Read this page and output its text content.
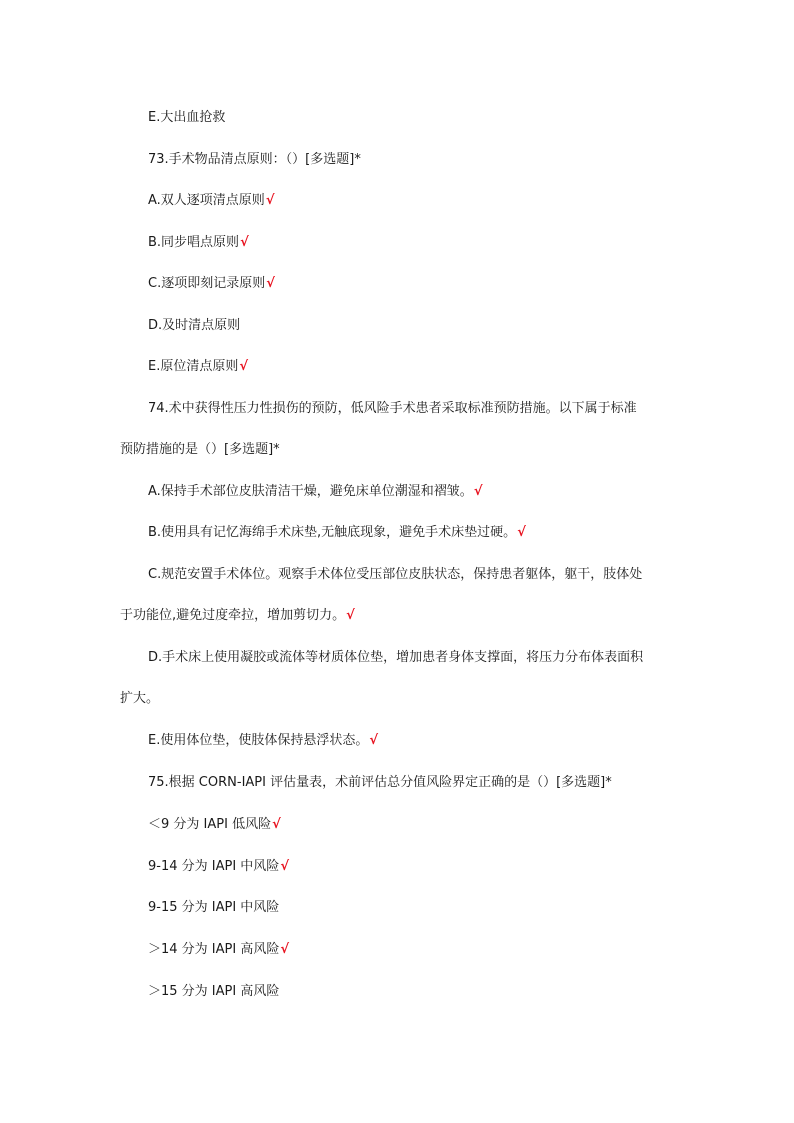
E.大出血抢救
73.手术物品清点原则：（）[多选题]*
A.双人逐项清点原则√
B.同步唱点原则√
C.逐项即刻记录原则√
D.及时清点原则
E.原位清点原则√
74.术中获得性压力性损伤的预防，低风险手术患者采取标准预防措施。以下属于标准
预防措施的是（）[多选题]*
A.保持手术部位皮肤清洁干燥，避免床单位潮湿和褶皱。√
B.使用具有记忆海绵手术床垫,无触底现象，避免手术床垫过硬。√
C.规范安置手术体位。观察手术体位受压部位皮肤状态，保持患者躯体，躯干，肢体处
于功能位,避免过度牵拉，增加剪切力。√
D.手术床上使用凝胶或流体等材质体位垫，增加患者身体支撑面，将压力分布体表面积
扩大。
E.使用体位垫，使肢体保持悬浮状态。√
75.根据 CORN-IAPI 评估量表，术前评估总分值风险界定正确的是（）[多选题]*
＜9 分为 IAPI 低风险√
9-14 分为 IAPI 中风险√
9-15 分为 IAPI 中风险
＞14 分为 IAPI 高风险√
＞15 分为 IAPI 高风险
